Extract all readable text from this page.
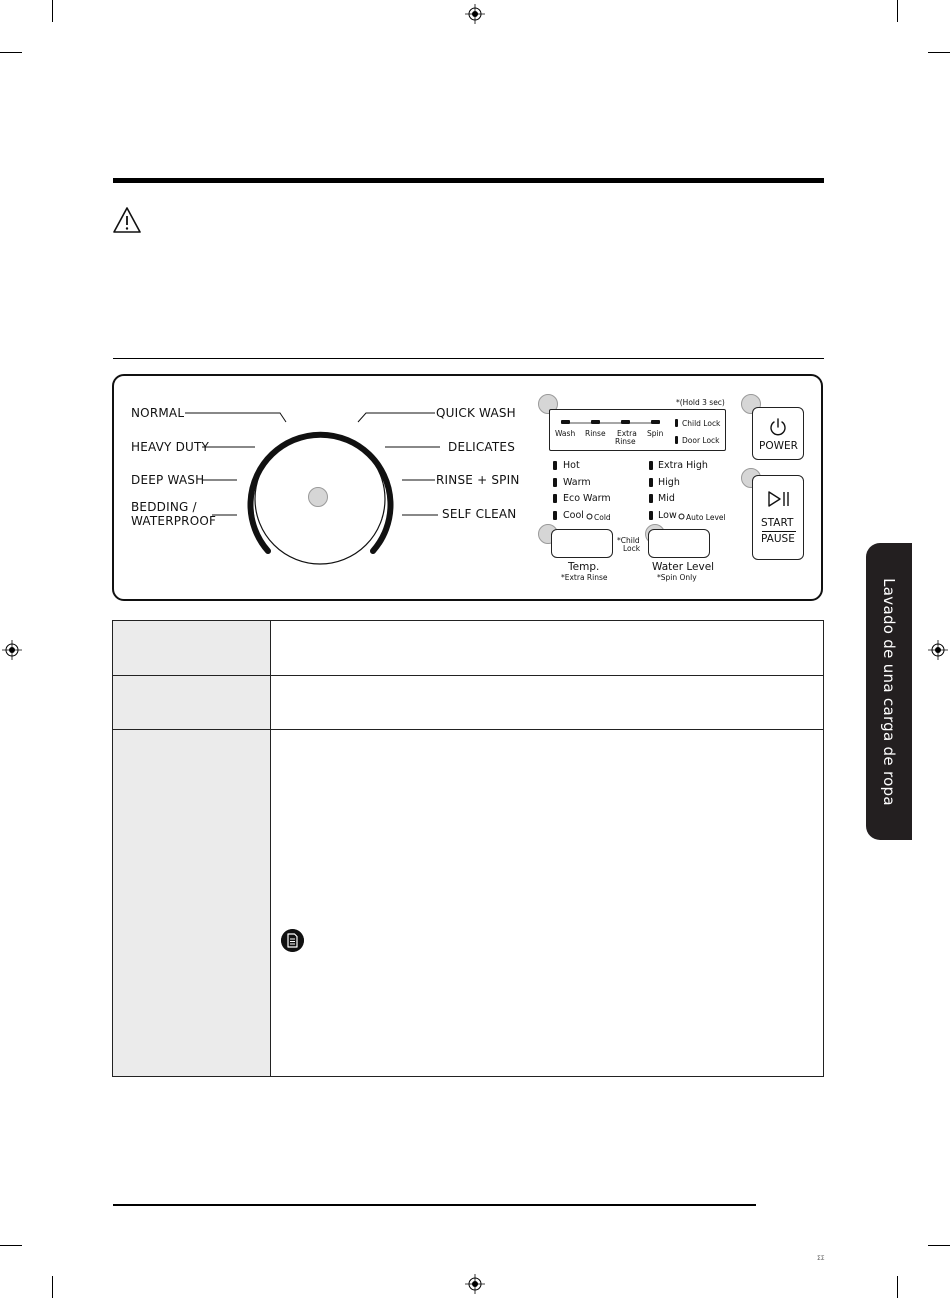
NORMAL
HEAVY DUTY
DEEP WASH
BEDDING /
WATERPROOF
QUICK WASH
DELICATES
RINSE + SPIN
SELF CLEAN
*(Hold 3 sec)
Wash Rinse Extra
Rinse
Spin
Child Lock
Door Lock
Hot
Warm
Eco Warm
Cool Cold
Extra High
High
Mid
Low Auto Level
Temp.
*Extra Rinse
*Child
Lock
Water Level
*Spin Only
POWER
START
PAUSE
Lavado de una carga de ropa
ΣΣ
